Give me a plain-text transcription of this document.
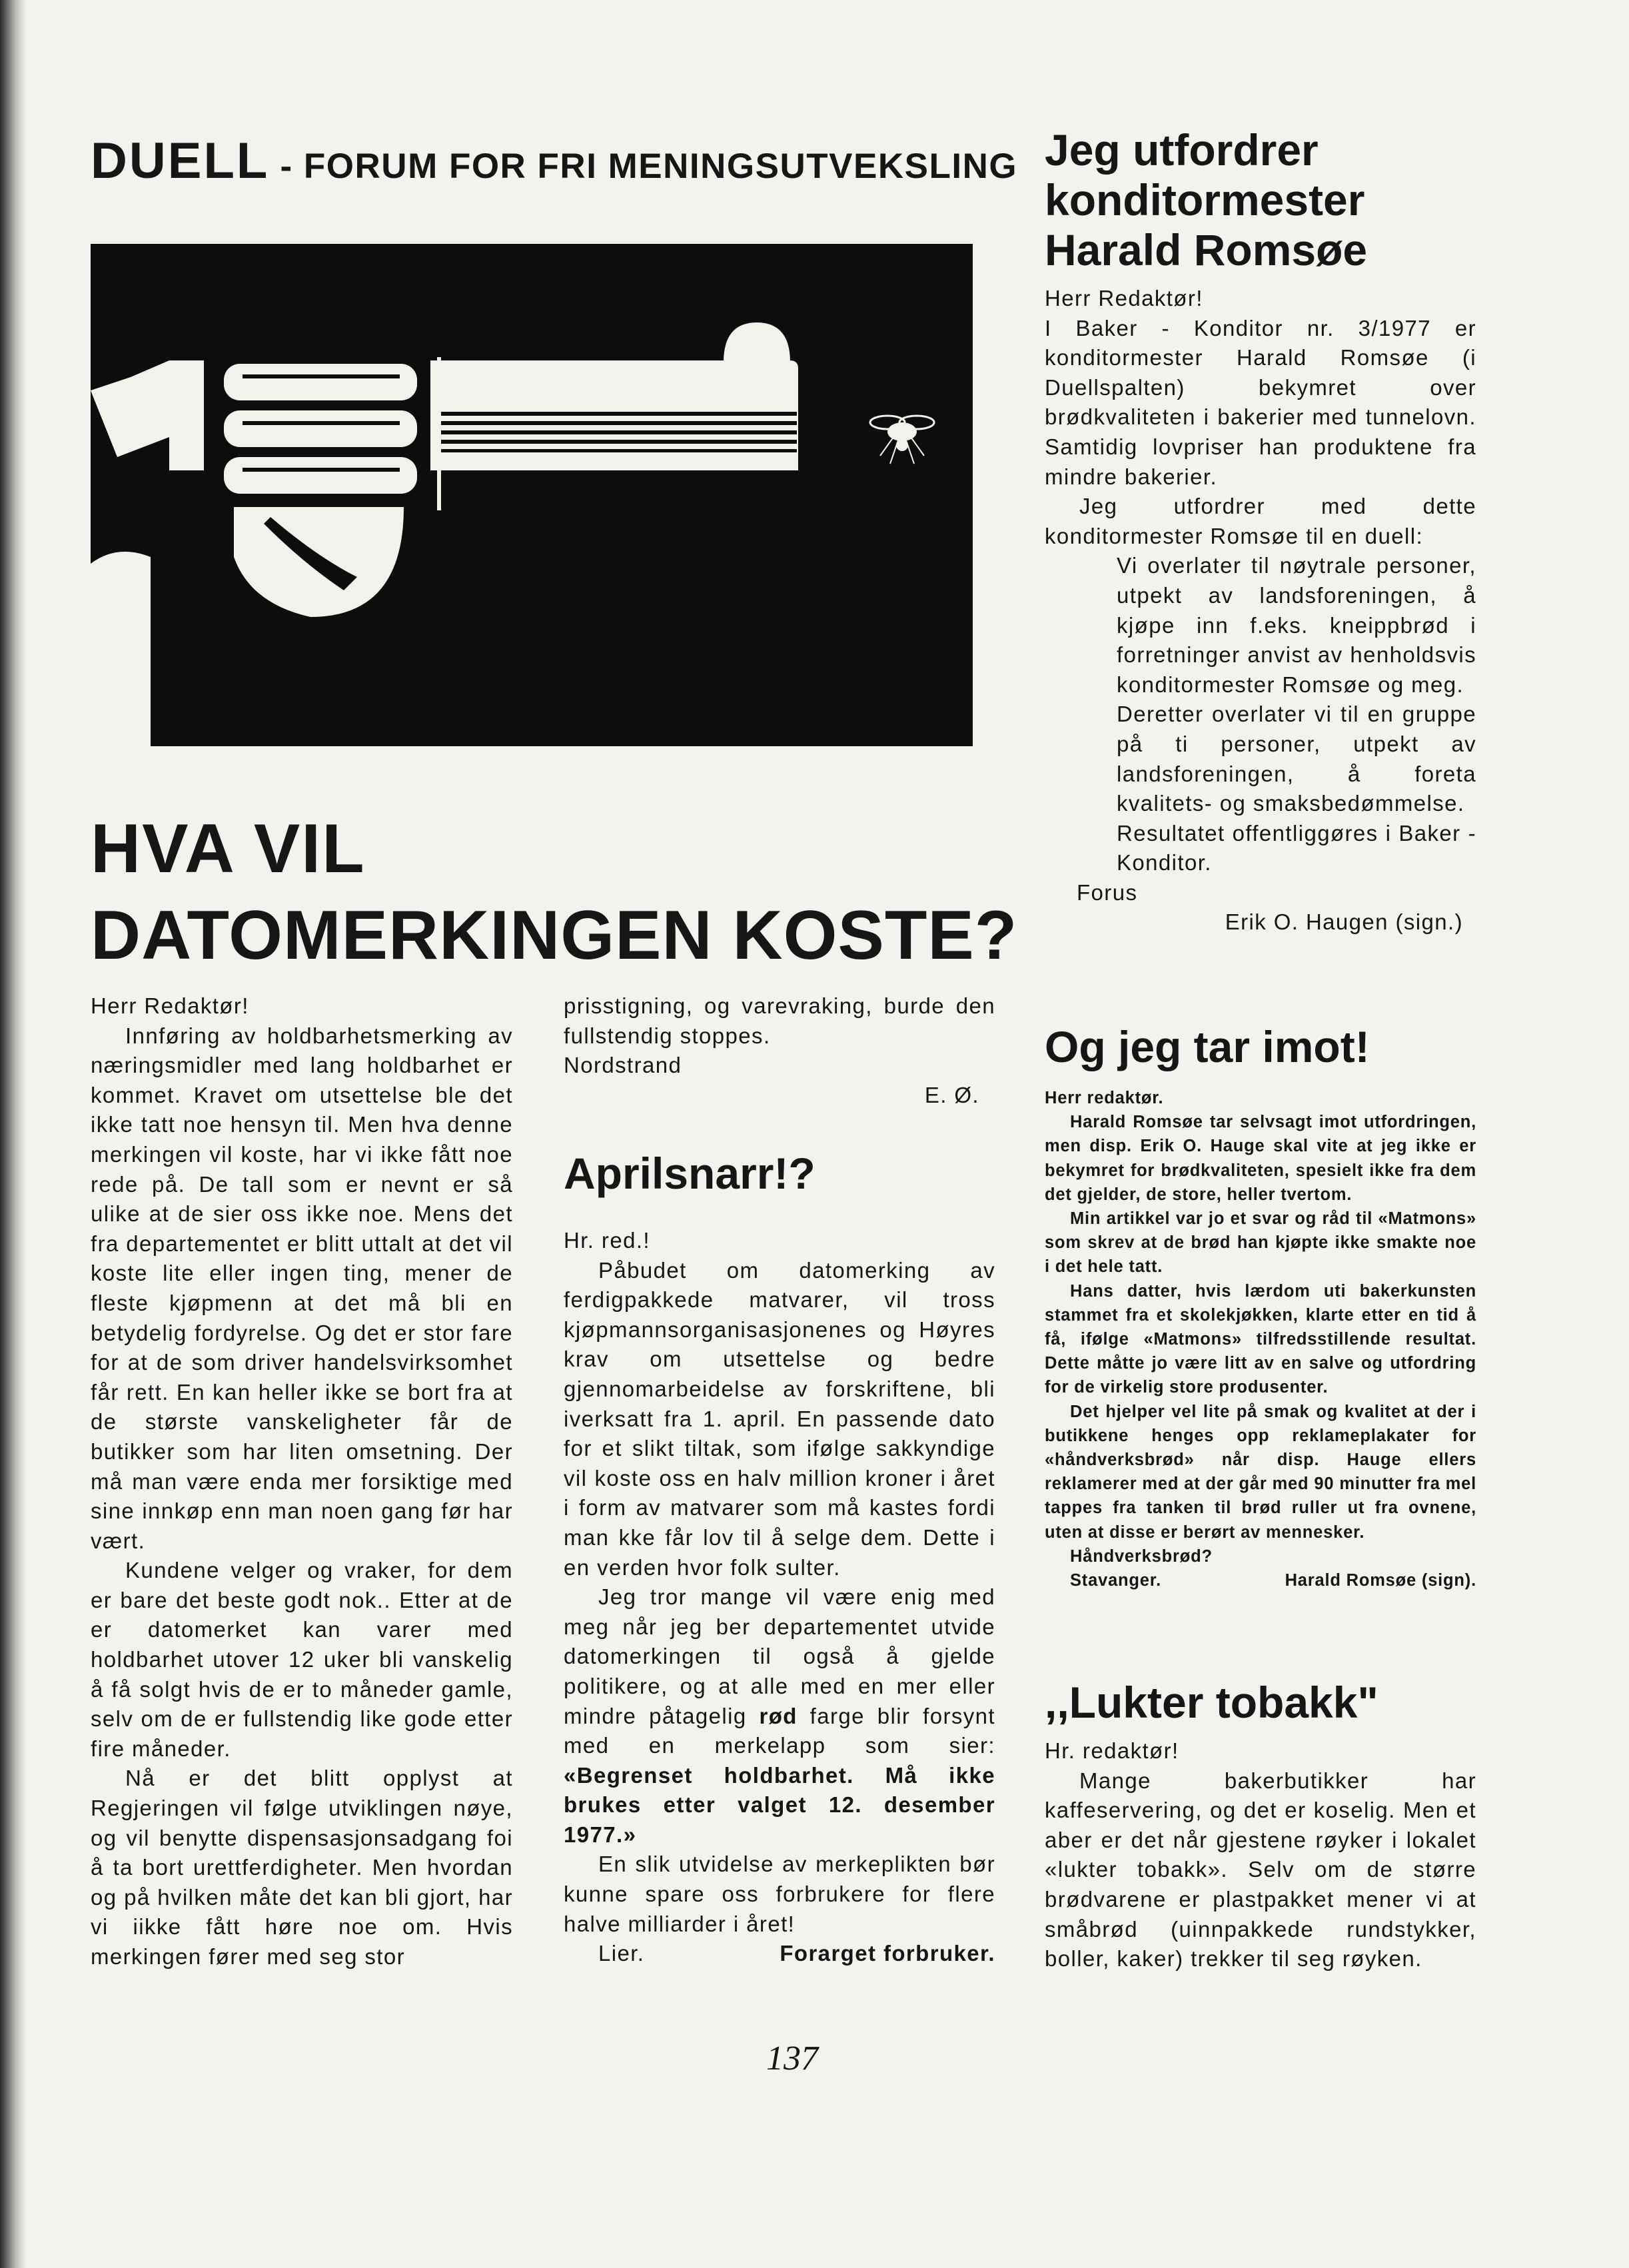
DUELL - FORUM FOR FRI MENINGSUTVEKSLING
HVA VIL
DATOMERKINGEN KOSTE?

Herr Redaktør!

Innføring av holdbarhetsmerking av næringsmidler med lang holdbarhet er kommet. Kravet om utsettelse ble det ikke tatt noe hensyn til. Men hva denne merkingen vil koste, har vi ikke fått noe rede på. De tall som er nevnt er så ulike at de sier oss ikke noe. Mens det fra departementet er blitt uttalt at det vil koste lite eller ingen ting, mener de fleste kjøpmenn at det må bli en betydelig fordyrelse. Og det er stor fare for at de som driver handelsvirksomhet får rett. En kan heller ikke se bort fra at de største vanskeligheter får de butikker som har liten omsetning. Der må man være enda mer forsiktige med sine innkøp enn man noen gang før har vært.

Kundene velger og vraker, for dem er bare det beste godt nok.. Etter at de er datomerket kan varer med holdbarhet utover 12 uker bli vanskelig å få solgt hvis de er to måneder gamle, selv om de er fullstendig like gode etter fire måneder.

Nå er det blitt opplyst at Regjeringen vil følge utviklingen nøye, og vil benytte dispensasjonsadgang foi å ta bort urettferdigheter. Men hvordan og på hvilken måte det kan bli gjort, har vi iikke fått høre noe om. Hvis merkingen fører med seg stor

prisstigning, og varevraking, burde den fullstendig stoppes.

Nordstrand

E. Ø.

Aprilsnarr!?

Hr. red.!

Påbudet om datomerking av ferdigpakkede matvarer, vil tross kjøpmannsorganisasjonenes og Høyres krav om utsettelse og bedre gjennomarbeidelse av forskriftene, bli iverksatt fra 1. april. En passende dato for et slikt tiltak, som ifølge sakkyndige vil koste oss en halv million kroner i året i form av matvarer som må kastes fordi man kke får lov til å selge dem. Dette i en verden hvor folk sulter.

Jeg tror mange vil være enig med meg når jeg ber departementet utvide datomerkingen til også å gjelde politikere, og at alle med en mer eller mindre påtagelig rød farge blir forsynt med en merkelapp som sier: «Begrenset holdbarhet. Må ikke brukes etter valget 12. desember 1977.»

En slik utvidelse av merkeplikten bør kunne spare oss forbrukere for flere halve milliarder i året!

Lier.	Forarget forbruker.
Jeg utfordrer
konditormester
Harald Romsøe

Herr Redaktør!

I Baker - Konditor nr. 3/1977 er konditormester Harald Romsøe (i Duellspalten) bekymret over brødkvaliteten i bakerier med tunnelovn. Samtidig lovpriser han produktene fra mindre bakerier.

Jeg utfordrer med dette konditormester Romsøe til en duell:

Vi overlater til nøytrale personer, utpekt av landsforeningen, å kjøpe inn f.eks. kneippbrød i forretninger anvist av henholdsvis konditormester Romsøe og meg.

Deretter overlater vi til en gruppe på ti personer, utpekt av landsforeningen, å foreta kvalitets- og smaksbedømmelse.

Resultatet offentliggøres i Baker - Konditor.

Forus

Erik O. Haugen (sign.)

Og jeg tar imot!

Herr redaktør.

Harald Romsøe tar selvsagt imot utfordringen, men disp. Erik O. Hauge skal vite at jeg ikke er bekymret for brødkvaliteten, spesielt ikke fra dem det gjelder, de store, heller tvertom.

Min artikkel var jo et svar og råd til «Matmons» som skrev at de brød han kjøpte ikke smakte noe i det hele tatt.

Hans datter, hvis lærdom uti bakerkunsten stammet fra et skolekjøkken, klarte etter en tid å få, ifølge «Matmons» tilfredsstillende resultat. Dette måtte jo være litt av en salve og utfordring for de virkelig store produsenter.

Det hjelper vel lite på smak og kvalitet at der i butikkene henges opp reklameplakater for «håndverksbrød» når disp. Hauge ellers reklamerer med at der går med 90 minutter fra mel tappes fra tanken til brød ruller ut fra ovnene, uten at disse er berørt av mennesker.

Håndverksbrød?

Stavanger.	Harald Romsøe (sign).
,,Lukter tobakk"

Hr. redaktør!

Mange bakerbutikker har kaffeservering, og det er koselig. Men et aber er det når gjestene røyker i lokalet «lukter tobakk». Selv om de større brødvarene er plastpakket mener vi at småbrød (uinnpakkede rundstykker, boller, kaker) trekker til seg røyken.

137
